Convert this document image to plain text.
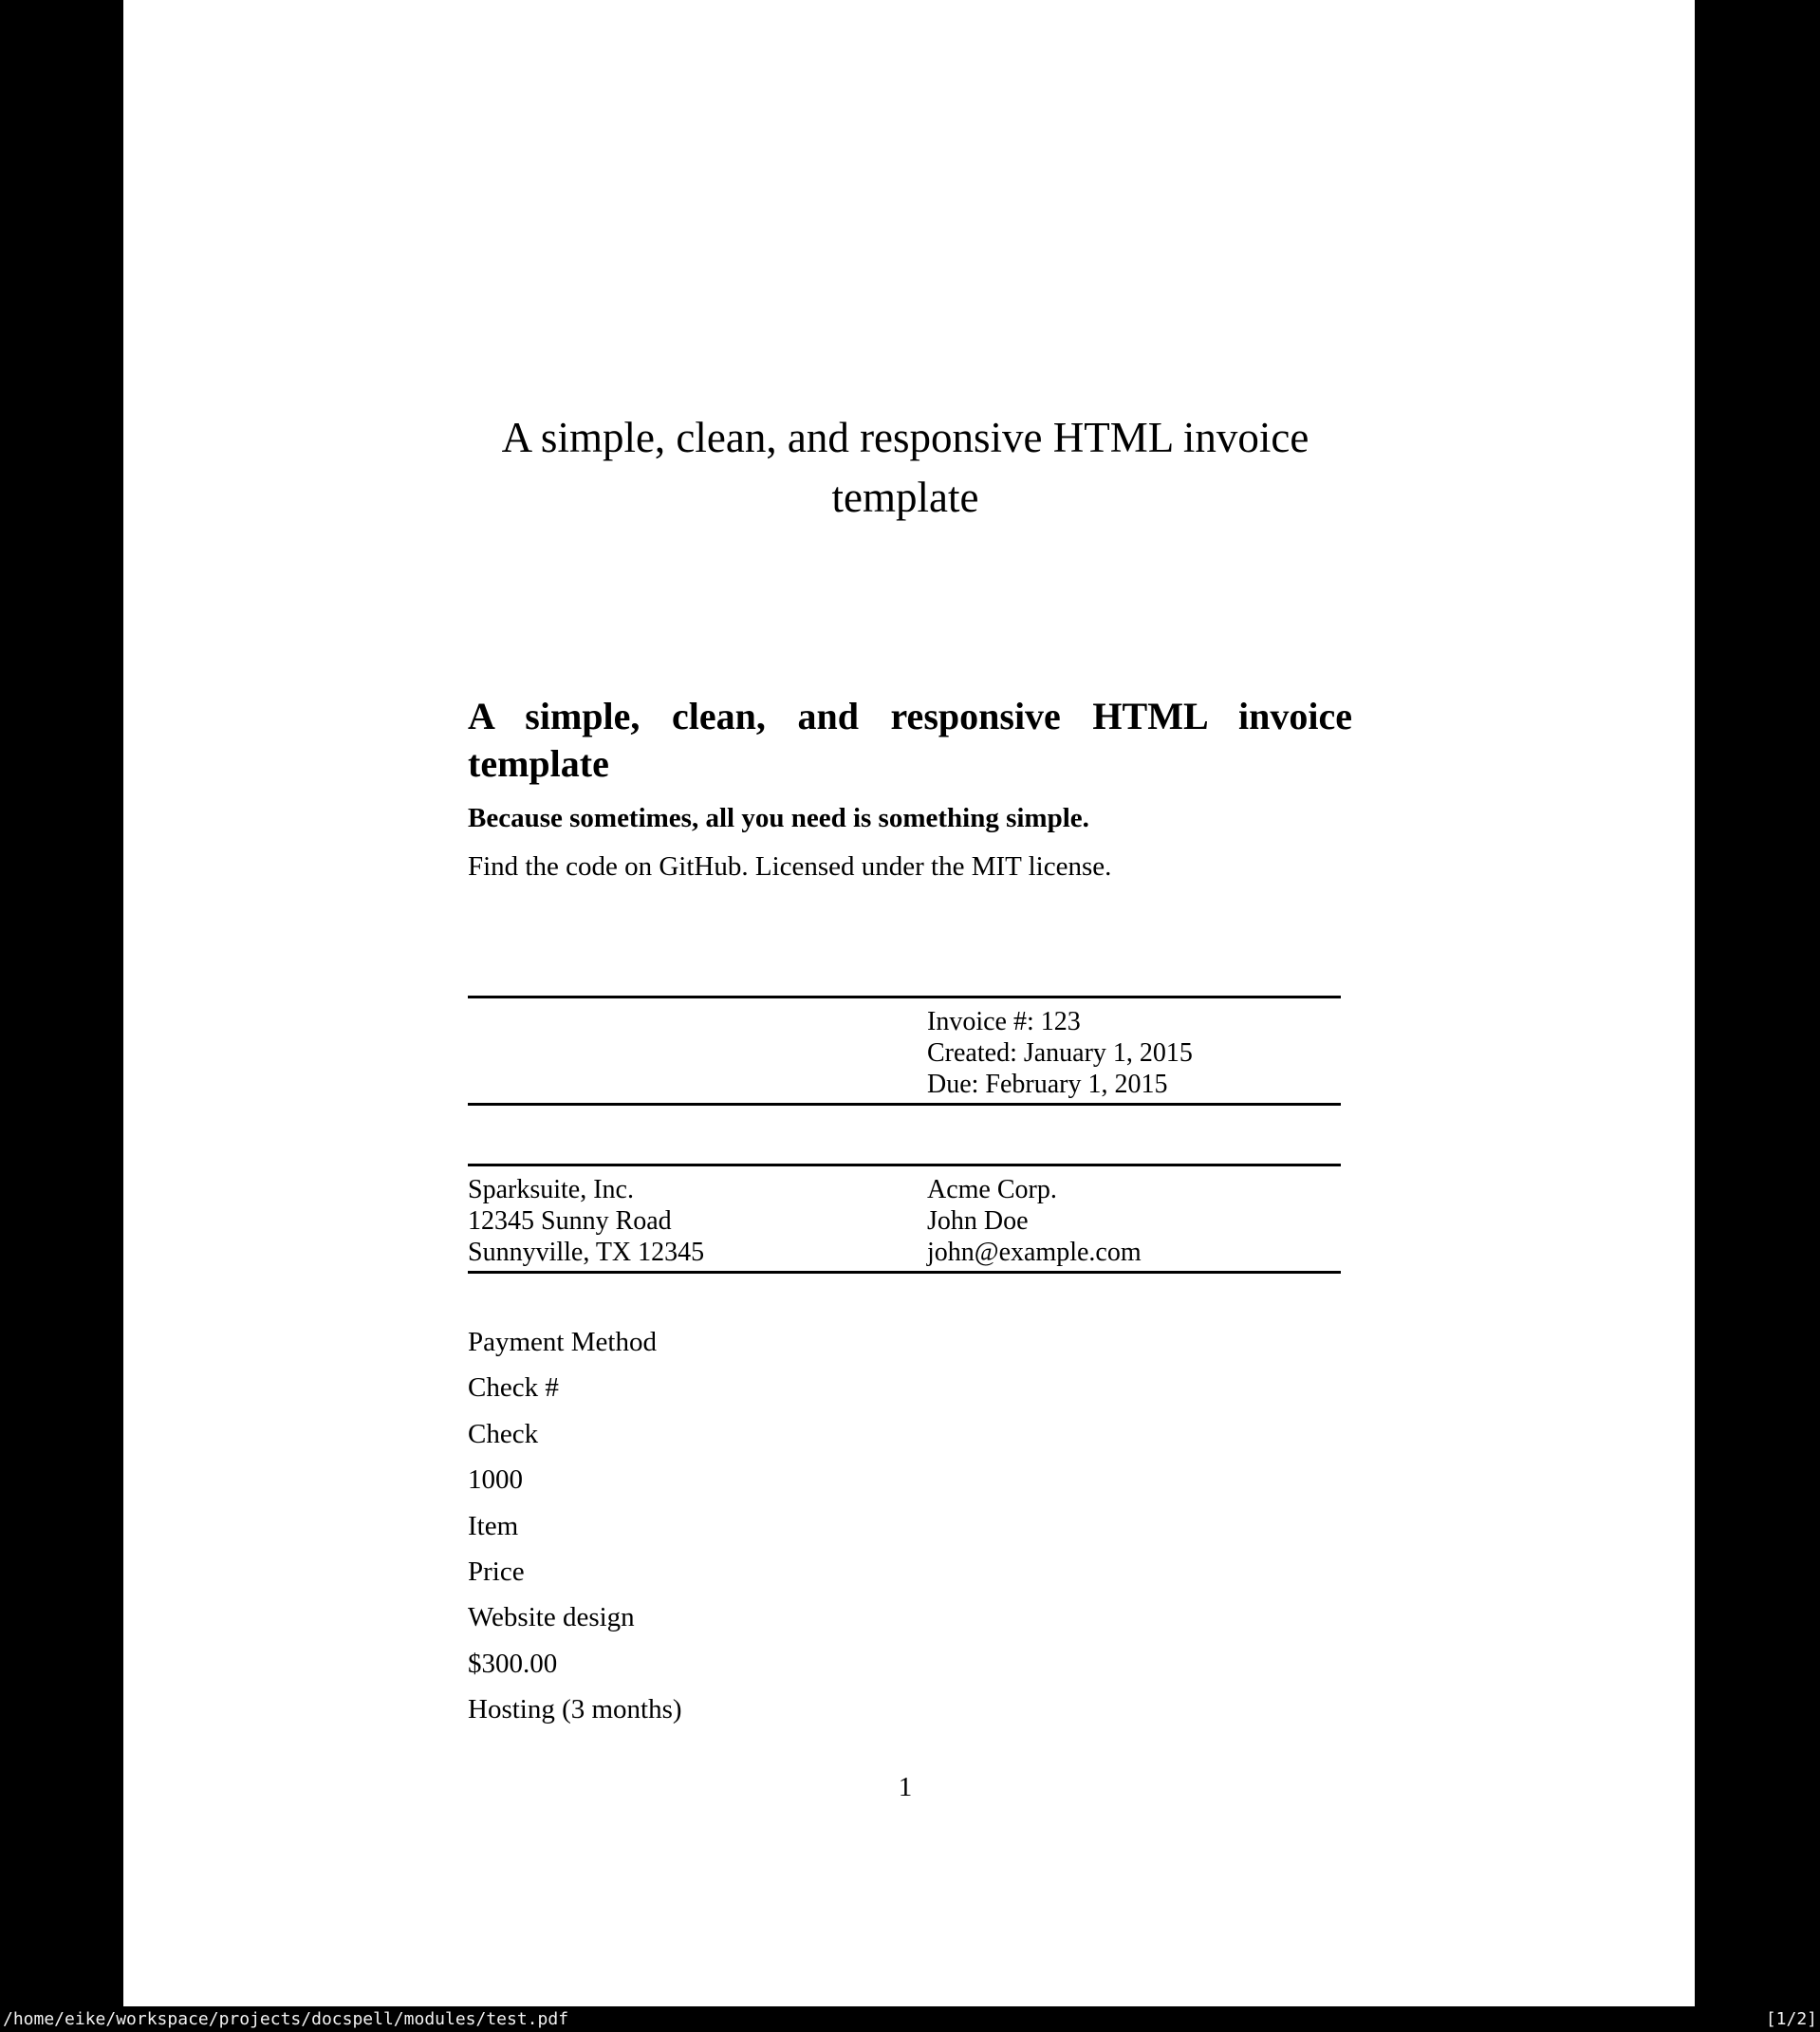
A simple, clean, and responsive HTML invoice
template
A simple, clean, and responsive HTML invoice
template
Because sometimes, all you need is something simple.
Find the code on GitHub. Licensed under the MIT license.
Invoice #: 123
Created: January 1, 2015
Due: February 1, 2015
Sparksuite, Inc.
12345 Sunny Road
Sunnyville, TX 12345
Acme Corp.
John Doe
john@example.com
Payment Method
Check #
Check
1000
Item
Price
Website design
$300.00
Hosting (3 months)
1
/home/eike/workspace/projects/docspell/modules/test.pdf	[1/2]
